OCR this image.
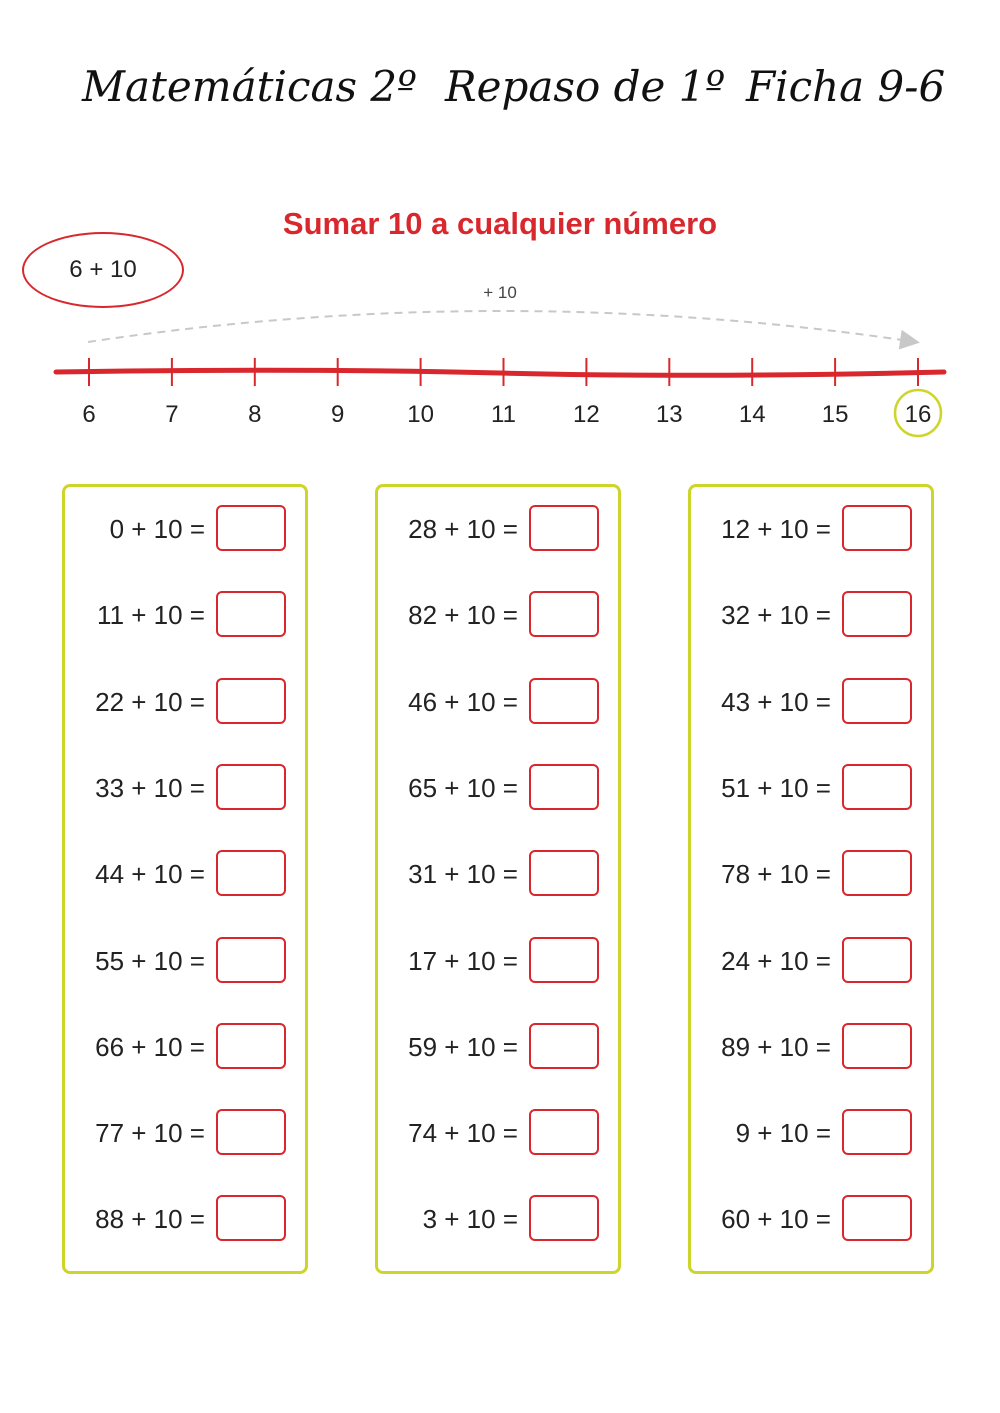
Matemáticas 2º Repaso de 1º Ficha 9-6
Sumar 10 a cualquier número
6 + 10
+ 10
6	7	8	9	10 11 12 13 14 15 16
0 + 10 =
11 + 10 =
22 + 10 =
33 + 10 =
44 + 10 =
55 + 10 =
66 + 10 =
77 + 10 =
88 + 10 =
28 + 10 =
82 + 10 =
46 + 10 =
65 + 10 =
31 + 10 =
17 + 10 =
59 + 10 =
74 + 10 =
3 + 10 =
12 + 10 =
32 + 10 =
43 + 10 =
51 + 10 =
78 + 10 =
24 + 10 =
89 + 10 =
9 + 10 =
60 + 10 =
